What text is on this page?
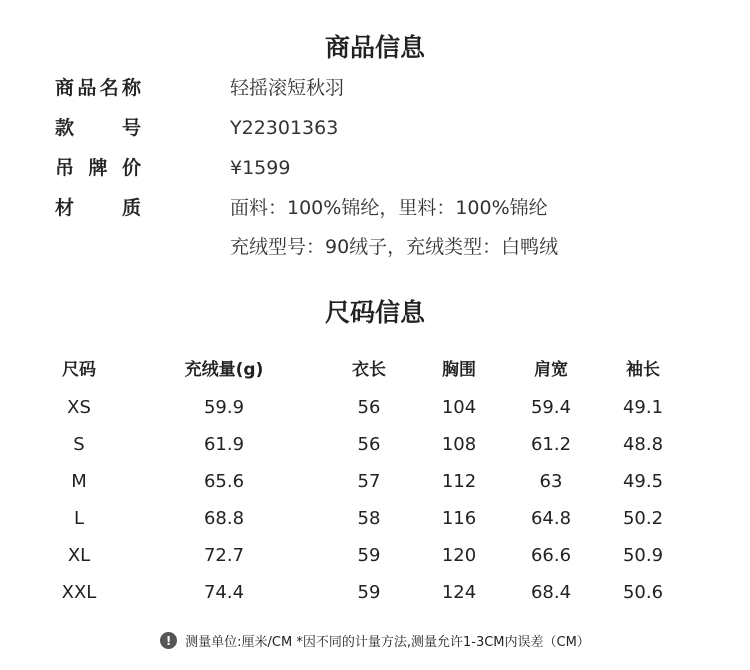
商品信息
商 品 名 称	轻摇滚短秋羽
款	号	Y22301363
吊 牌 价	¥1599
材	质	面料：100%锦纶，里料：100%锦纶
充绒型号：90绒子，充绒类型：白鸭绒
尺码信息
尺码	充绒量(g)	衣长	胸围	肩宽	袖长
XS	59.9	56	104	59.4	49.1
S	61.9	56	108	61.2	48.8
M	65.6	57	112	63	49.5
L	68.8	58	116	64.8	50.2
XL	72.7	59	120	66.6	50.9
XXL	74.4	59	124	68.4	50.6
!	测量单位:厘米/CM *因不同的计量方法,测量允许1-3CM内误差（CM）
